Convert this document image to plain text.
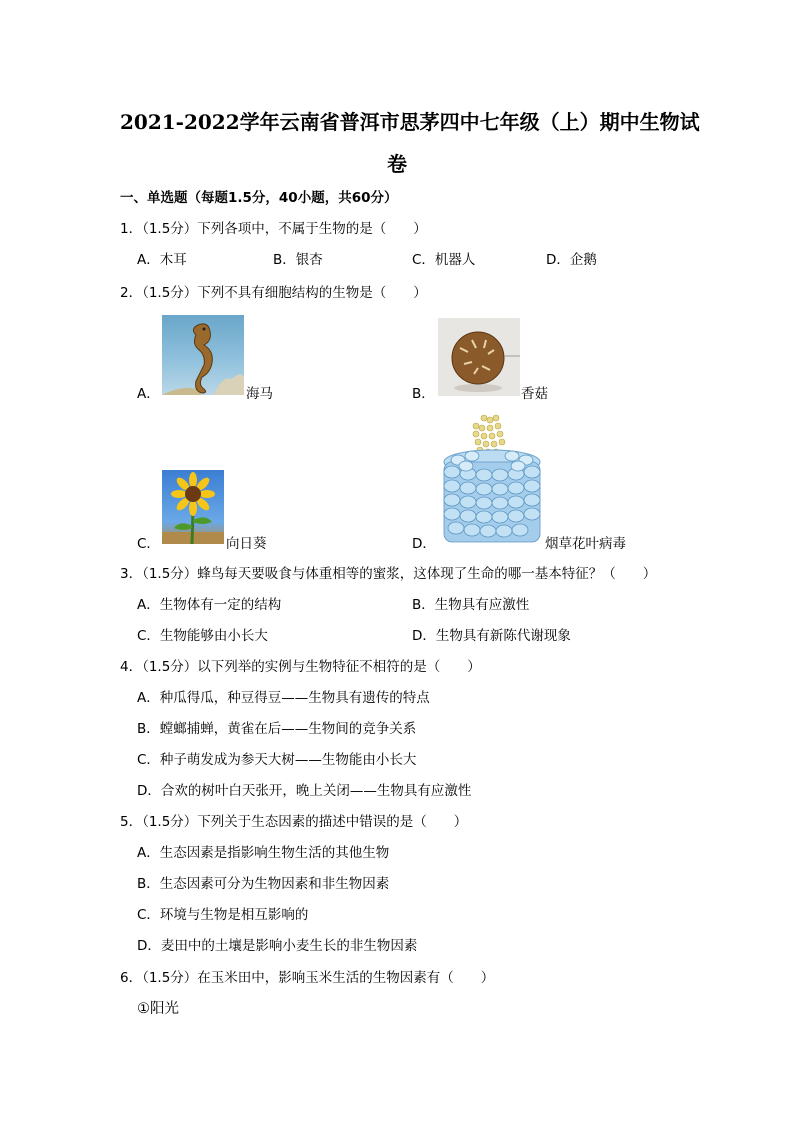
2021-2022学年云南省普洱市思茅四中七年级（上）期中生物试
卷
一、单选题（每题1.5分，40小题，共60分）
1．（1.5分）下列各项中，不属于生物的是（　　）
A．木耳	B．银杏	C．机器人	D．企鹅
2．（1.5分）下列不具有细胞结构的生物是（　　）
A．	海马	B．	香菇
C．	向日葵	D．	烟草花叶病毒
3．（1.5分）蜂鸟每天要吸食与体重相等的蜜浆，这体现了生命的哪一基本特征？（　　）
A．生物体有一定的结构	B．生物具有应激性
C．生物能够由小长大	D．生物具有新陈代谢现象
4．（1.5分）以下列举的实例与生物特征不相符的是（　　）
A．种瓜得瓜，种豆得豆——生物具有遗传的特点
B．螳螂捕蝉，黄雀在后——生物间的竞争关系
C．种子萌发成为参天大树——生物能由小长大
D．合欢的树叶白天张开，晚上关闭——生物具有应激性
5．（1.5分）下列关于生态因素的描述中错误的是（　　）
A．生态因素是指影响生物生活的其他生物
B．生态因素可分为生物因素和非生物因素
C．环境与生物是相互影响的
D．麦田中的土壤是影响小麦生长的非生物因素
6．（1.5分）在玉米田中，影响玉米生活的生物因素有（　　）
①阳光
